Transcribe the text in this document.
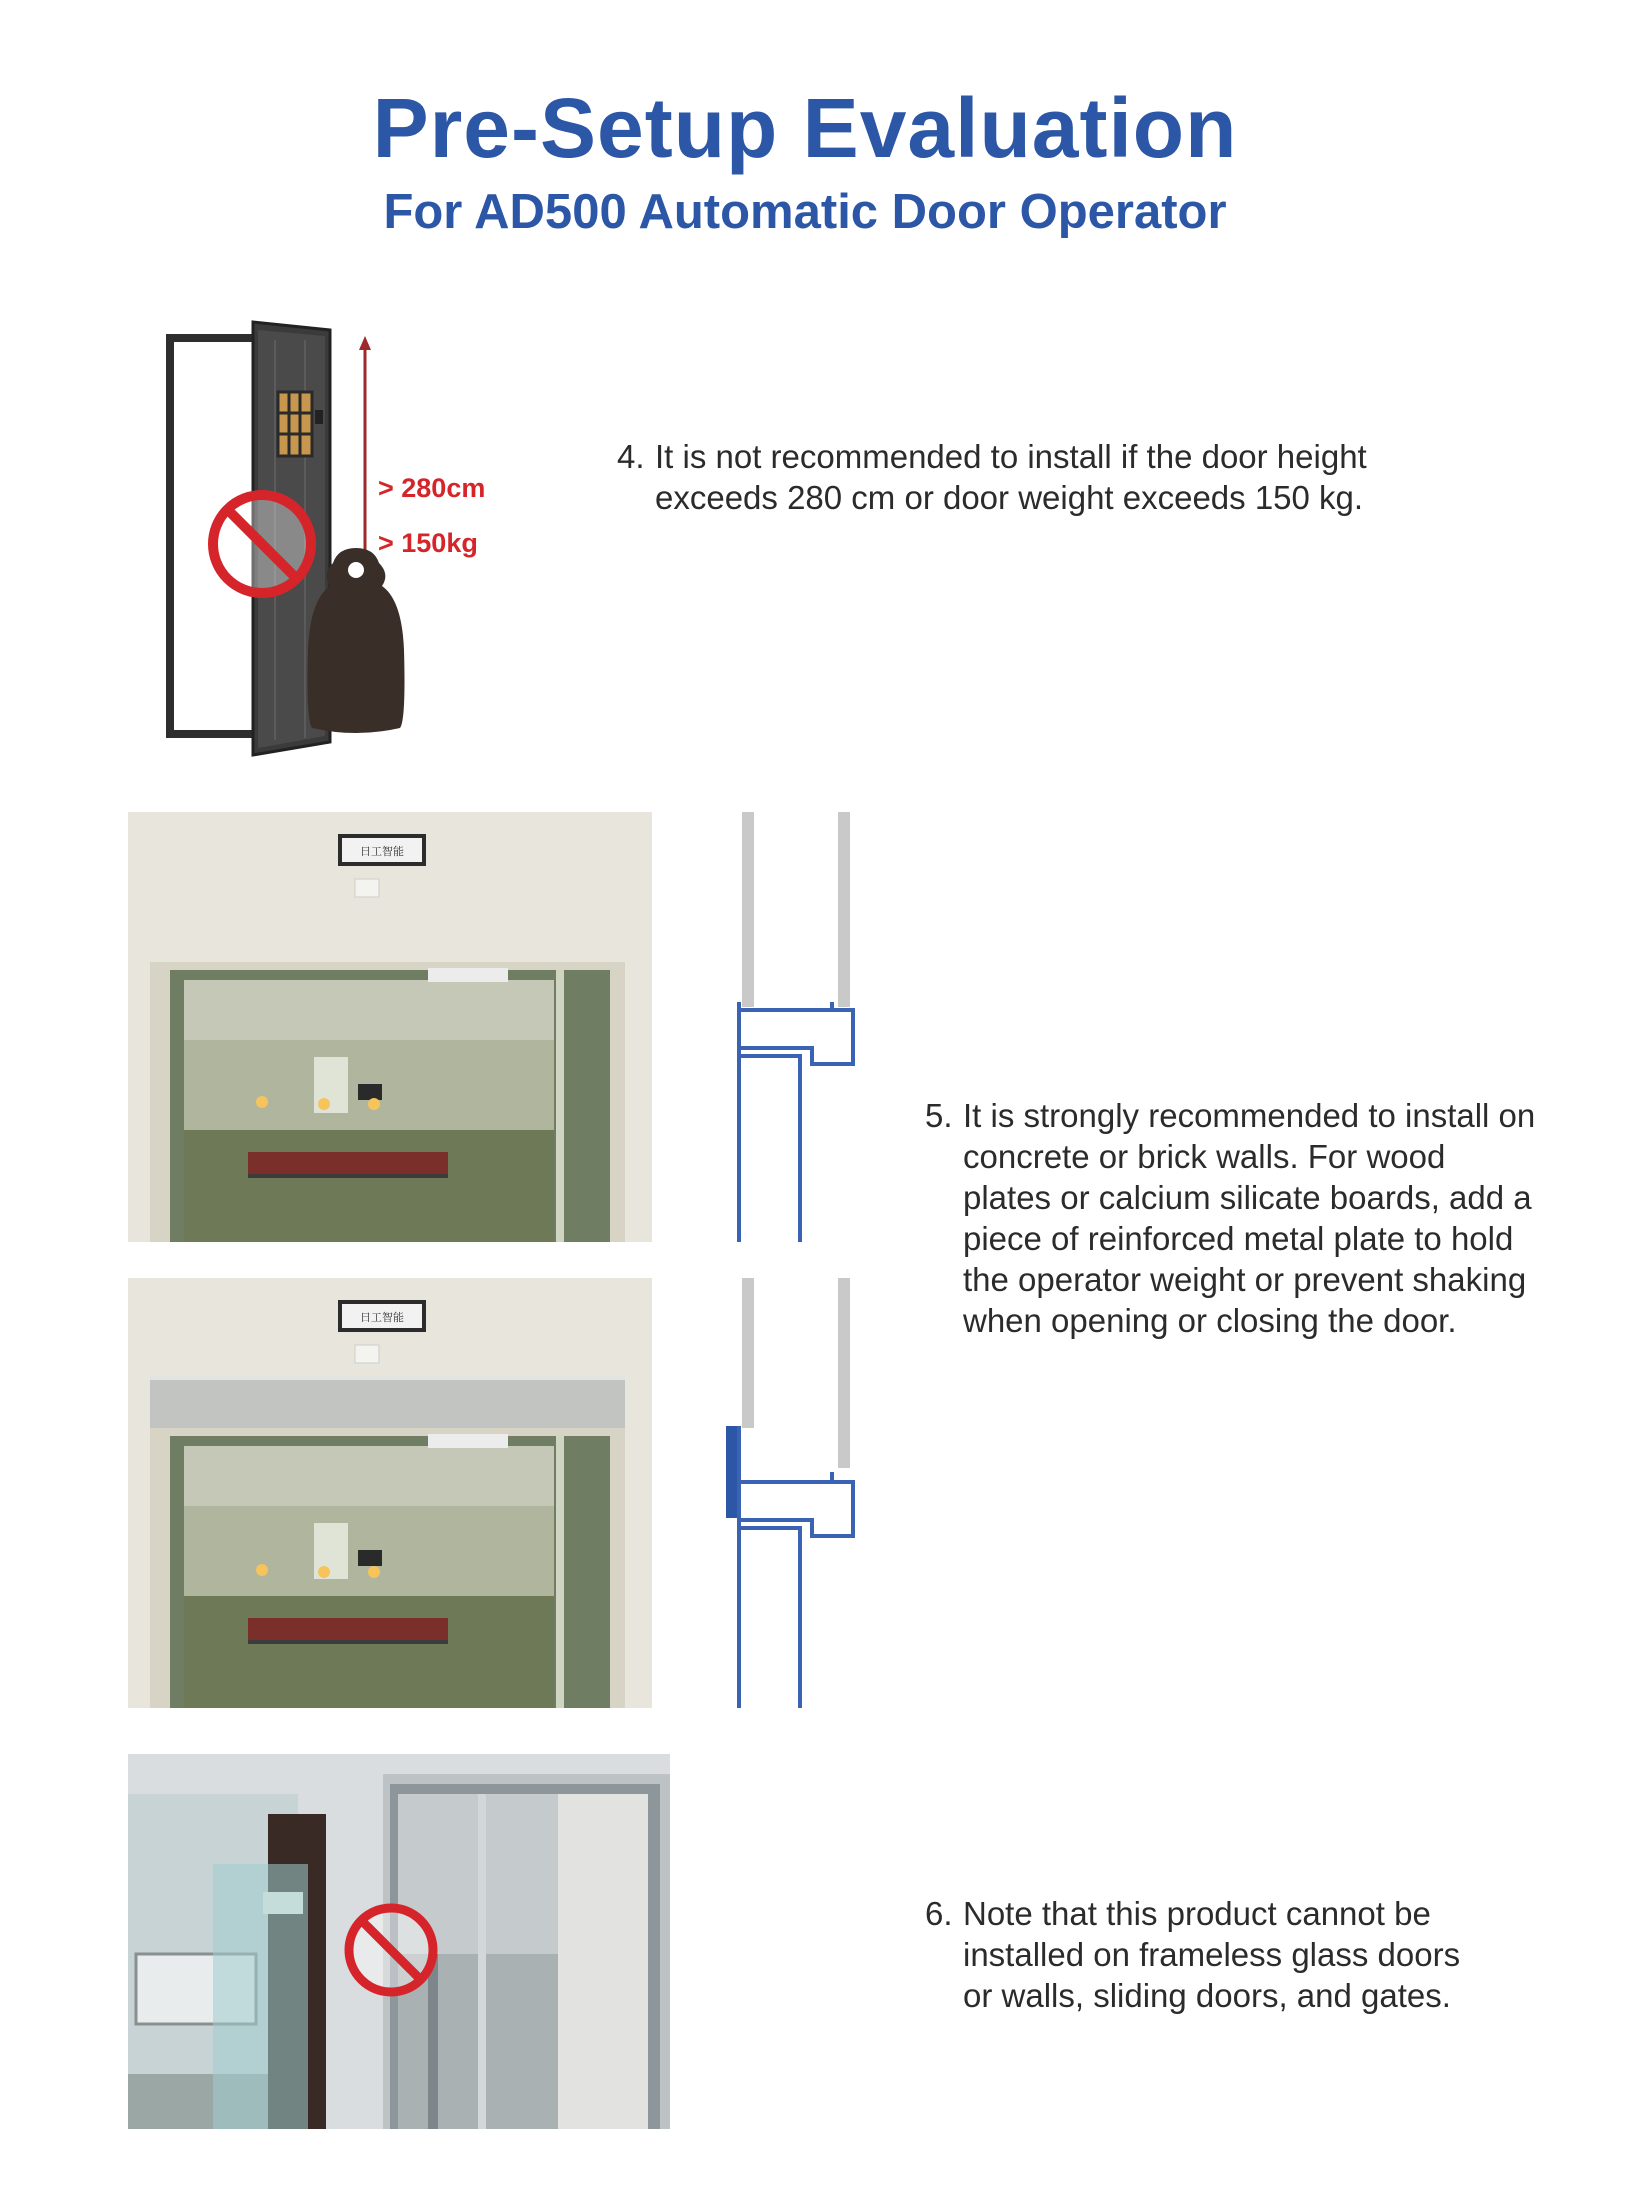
Pre-Setup Evaluation
For AD500 Automatic Door Operator
> 280cm
> 150kg
4. It is not recommended to install if the door height exceeds 280 cm or door weight exceeds 150 kg.
日工智能
日工智能
5. It is strongly recommended to install on concrete or brick walls. For wood plates or calcium silicate boards, add a piece of reinforced metal plate to hold the operator weight or prevent shaking when opening or closing the door.
6. Note that this product cannot be installed on frameless glass doors or walls, sliding doors, and gates.
